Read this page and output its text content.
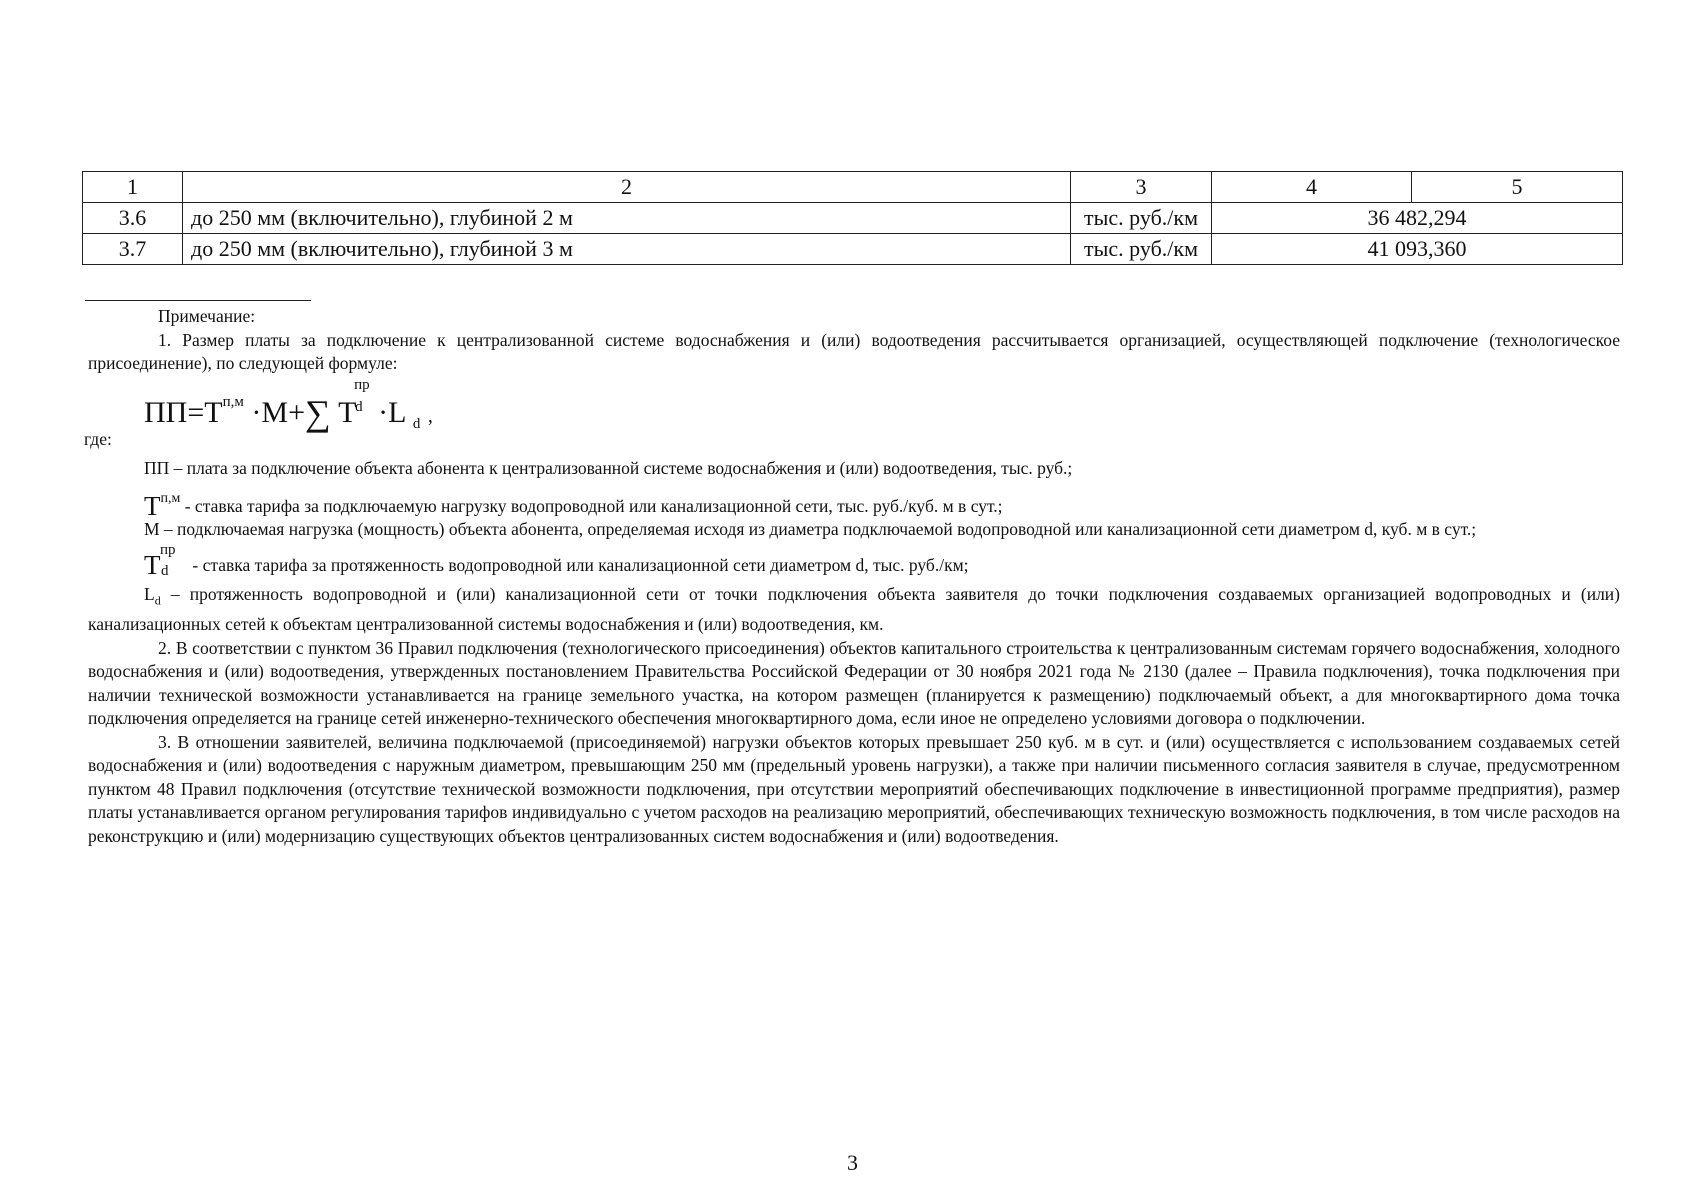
1	2	3	4	5
3.6	до 250 мм (включительно), глубиной 2 м	тыс. руб./км	36 482,294	
3.7	до 250 мм (включительно), глубиной 3 м	тыс. руб./км	41 093,360	

Примечание:

1. Размер платы за подключение к централизованной системе водоснабжения и (или) водоотведения рассчитывается организацией, осуществляющей подключение (технологическое присоединение), по следующей формуле:

$ПП=Т^{п,м} \cdot М+\sum$ Т
пр
d ·L $_d$ ,

где:

ПП – плата за подключение объекта абонента к централизованной системе водоснабжения и (или) водоотведения, тыс. руб.;

$Т^{п,м}$ - ставка тарифа за подключаемую нагрузку водопроводной или канализационной сети, тыс. руб./куб. м в сут.;

М – подключаемая нагрузка (мощность) объекта абонента, определяемая исходя из диаметра подключаемой водопроводной или канализационной сети диаметром d, куб. м в сут.;

Т пр
d - ставка тарифа за протяженность водопроводной или канализационной сети диаметром d, тыс. руб./км;

$L_d$ – протяженность водопроводной и (или) канализационной сети от точки подключения объекта заявителя до точки подключения создаваемых организацией водопроводных и (или) канализационных сетей к объектам централизованной системы водоснабжения и (или) водоотведения, км.

2. В соответствии с пунктом 36 Правил подключения (технологического присоединения) объектов капитального строительства к централизованным системам горячего водоснабжения, холодного водоснабжения и (или) водоотведения, утвержденных постановлением Правительства Российской Федерации от 30 ноября 2021 года № 2130 (далее – Правила подключения), точка подключения при наличии технической возможности устанавливается на границе земельного участка, на котором размещен (планируется к размещению) подключаемый объект, а для многоквартирного дома точка подключения определяется на границе сетей инженерно-технического обеспечения многоквартирного дома, если иное не определено условиями договора о подключении.

3. В отношении заявителей, величина подключаемой (присоединяемой) нагрузки объектов которых превышает 250 куб. м в сут. и (или) осуществляется с использованием создаваемых сетей водоснабжения и (или) водоотведения с наружным диаметром, превышающим 250 мм (предельный уровень нагрузки), а также при наличии письменного согласия заявителя в случае, предусмотренном пунктом 48 Правил подключения (отсутствие технической возможности подключения, при отсутствии мероприятий обеспечивающих подключение в инвестиционной программе предприятия), размер платы устанавливается органом регулирования тарифов индивидуально с учетом расходов на реализацию мероприятий, обеспечивающих техническую возможность подключения, в том числе расходов на реконструкцию и (или) модернизацию существующих объектов централизованных систем водоснабжения и (или) водоотведения.

3
